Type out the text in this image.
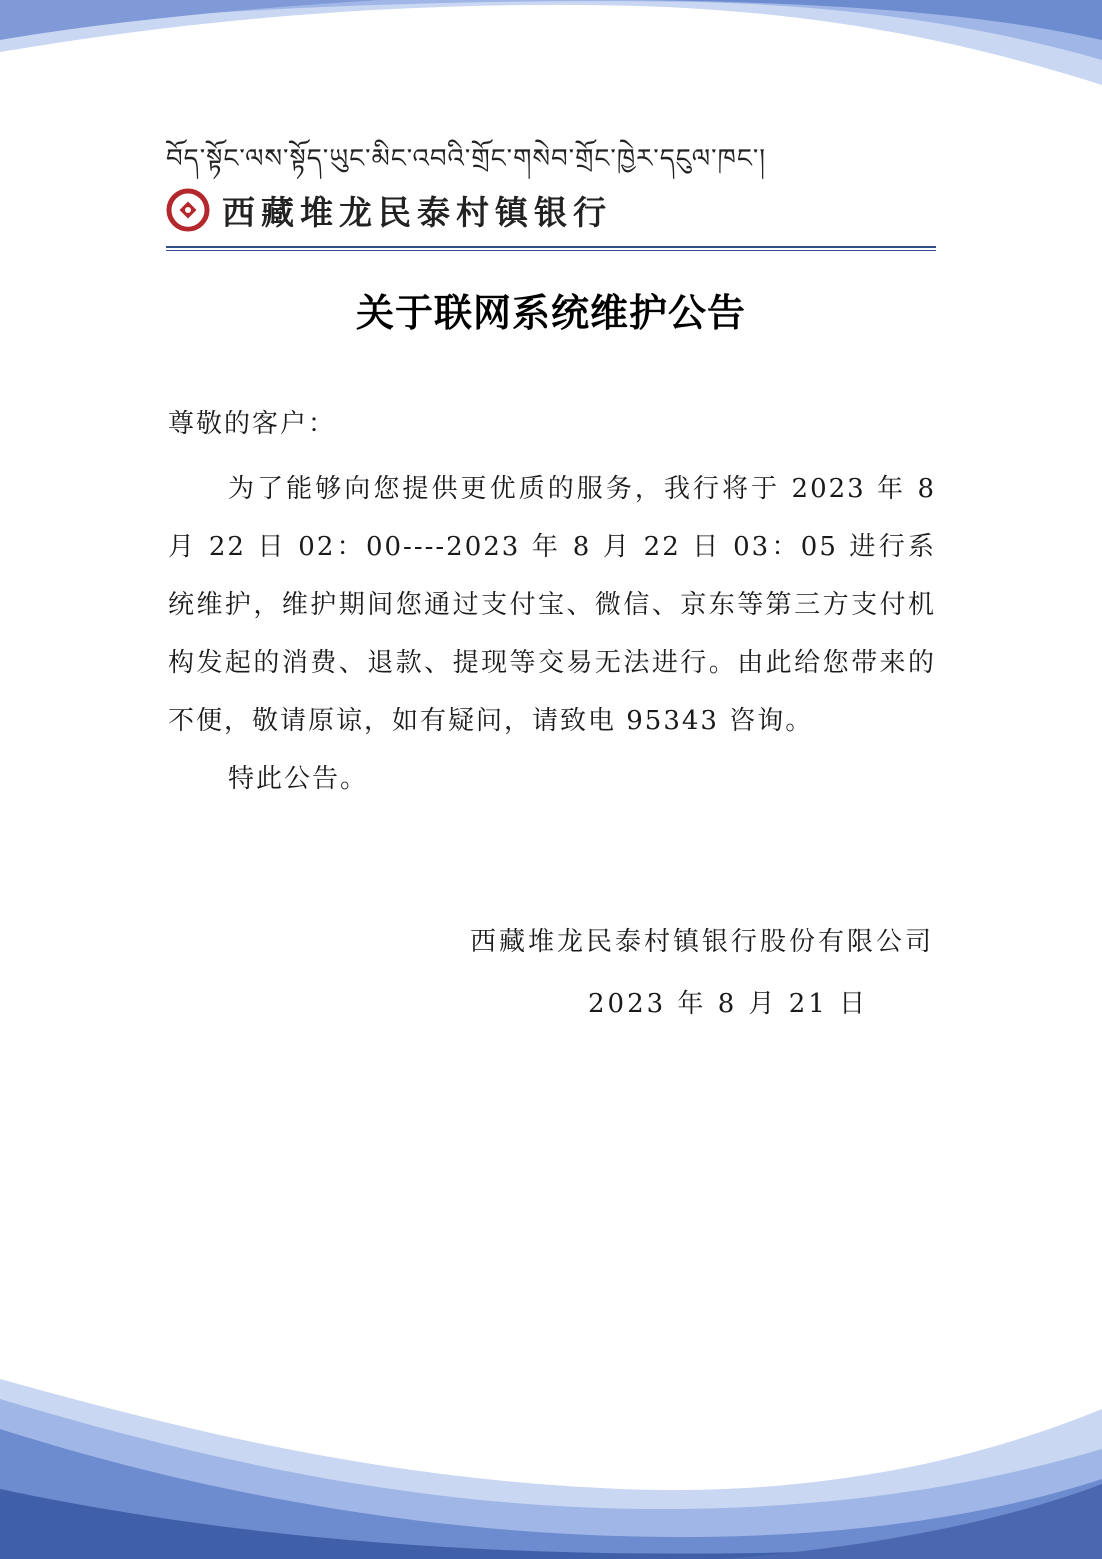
བོད་སྟོང་ལས་སྟོད་ཡུང་མིང་འབའི་གྲོང་གསེབ་གྲོང་ཁྱེར་དངུལ་ཁང་།
西藏堆龙民泰村镇银行
关于联网系统维护公告
尊敬的客户：
为了能够向您提供更优质的服务，我行将于 2023 年 8 月 22 日 02：00----2023 年 8 月 22 日 03：05 进行系统维护，维护期间您通过支付宝、微信、京东等第三方支付机构发起的消费、退款、提现等交易无法进行。由此给您带来的不便，敬请原谅，如有疑问，请致电 95343 咨询。
特此公告。
西藏堆龙民泰村镇银行股份有限公司
2023 年 8 月 21 日
